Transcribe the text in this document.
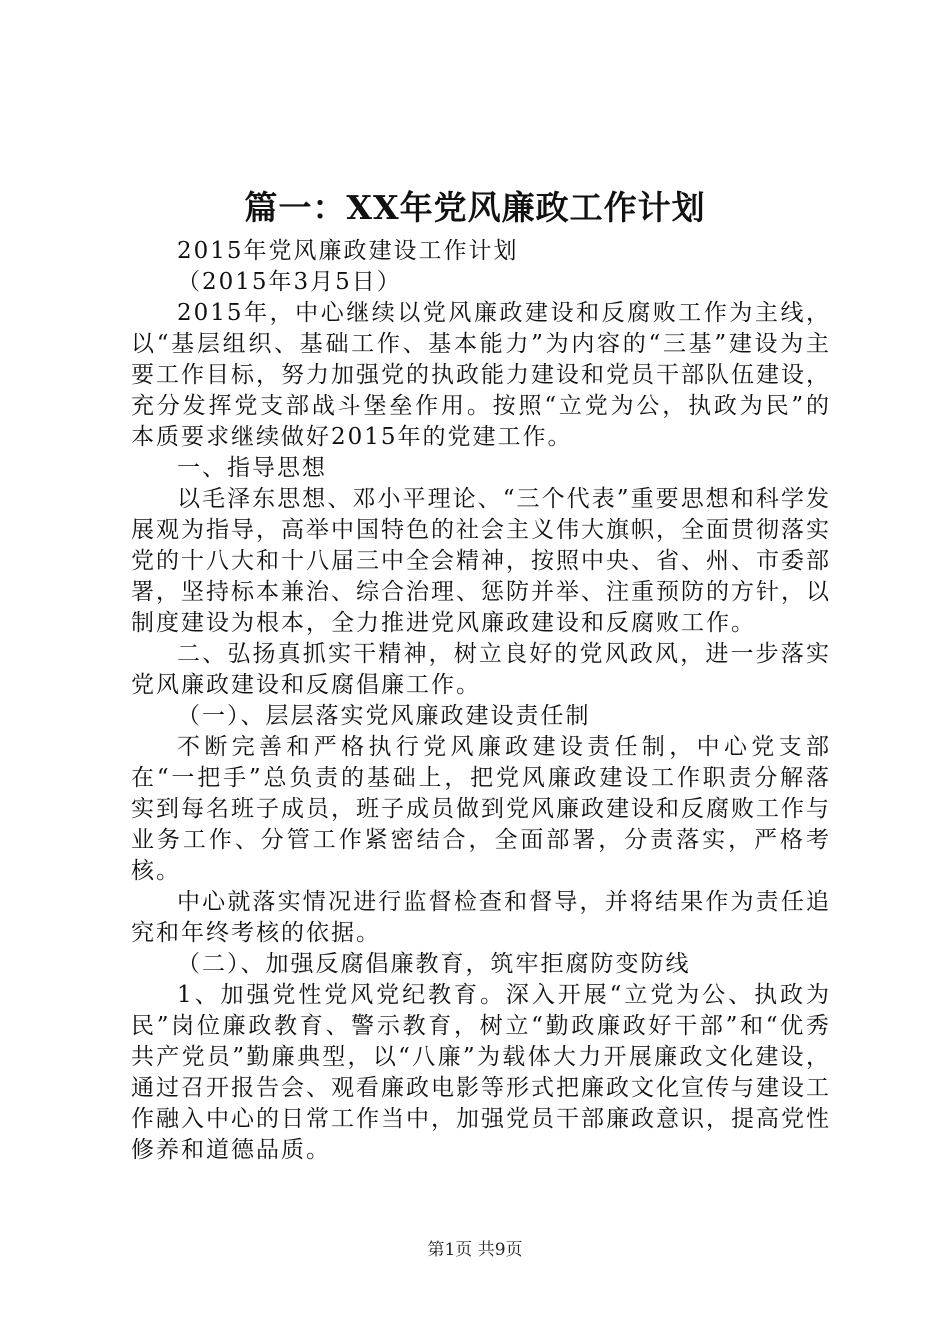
篇一：XX年党风廉政工作计划

2015年党风廉政建设工作计划

（2015年3月5日）

2015年，中心继续以党风廉政建设和反腐败工作为主线，以“基层组织、基础工作、基本能力”为内容的“三基”建设为主要工作目标，努力加强党的执政能力建设和党员干部队伍建设，充分发挥党支部战斗堡垒作用。按照“立党为公，执政为民”的本质要求继续做好2015年的党建工作。

一、指导思想

以毛泽东思想、邓小平理论、“三个代表”重要思想和科学发展观为指导，高举中国特色的社会主义伟大旗帜，全面贯彻落实党的十八大和十八届三中全会精神，按照中央、省、州、市委部署，坚持标本兼治、综合治理、惩防并举、注重预防的方针，以制度建设为根本，全力推进党风廉政建设和反腐败工作。

二、弘扬真抓实干精神，树立良好的党风政风，进一步落实党风廉政建设和反腐倡廉工作。

（一）、层层落实党风廉政建设责任制

不断完善和严格执行党风廉政建设责任制，中心党支部在“一把手”总负责的基础上，把党风廉政建设工作职责分解落实到每名班子成员，班子成员做到党风廉政建设和反腐败工作与业务工作、分管工作紧密结合，全面部署，分责落实，严格考核。

中心就落实情况进行监督检查和督导，并将结果作为责任追究和年终考核的依据。

（二）、加强反腐倡廉教育，筑牢拒腐防变防线

1、加强党性党风党纪教育。深入开展“立党为公、执政为民”岗位廉政教育、警示教育，树立“勤政廉政好干部”和“优秀共产党员”勤廉典型，以“八廉”为载体大力开展廉政文化建设，通过召开报告会、观看廉政电影等形式把廉政文化宣传与建设工作融入中心的日常工作当中，加强党员干部廉政意识，提高党性修养和道德品质。

第1页 共9页
